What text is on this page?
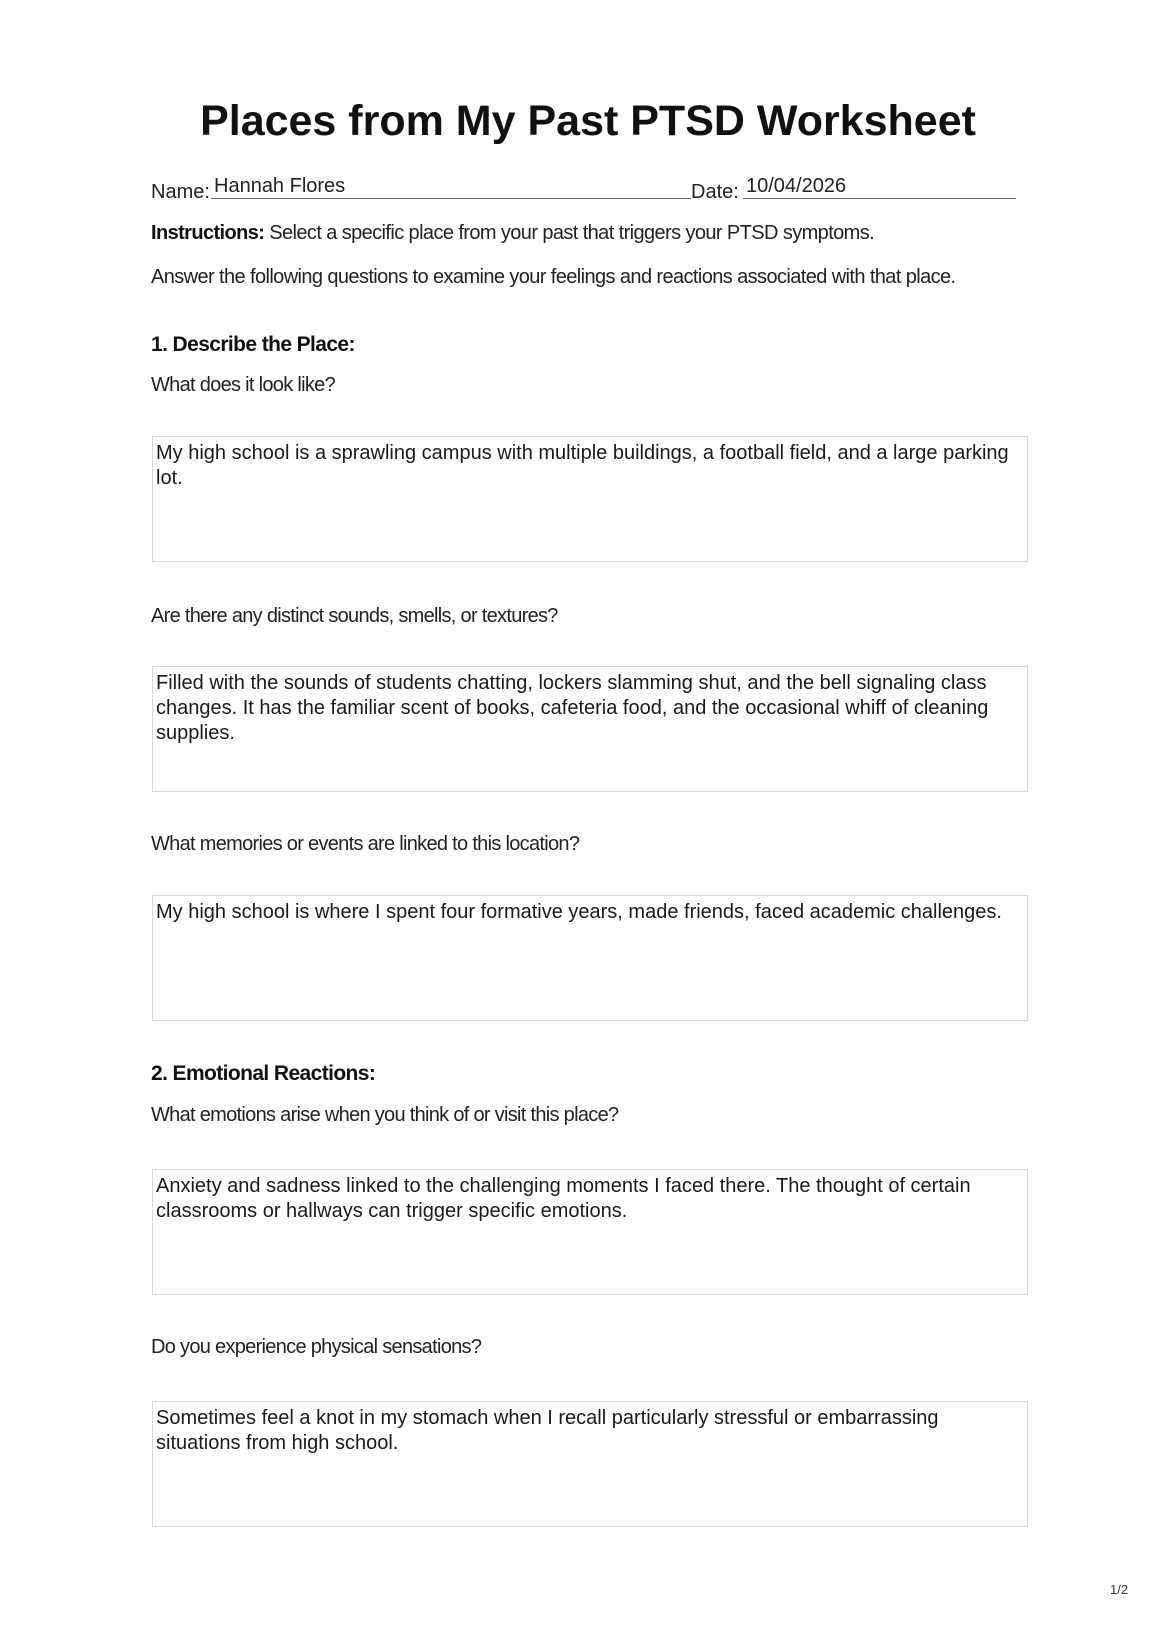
Places from My Past PTSD Worksheet
Name: Hannah Flores	Date: 10/04/2026

Instructions: Select a specific place from your past that triggers your PTSD symptoms.

Answer the following questions to examine your feelings and reactions associated with that place.

1. Describe the Place:

What does it look like?

My high school is a sprawling campus with multiple buildings, a football field, and a large parking lot.

Are there any distinct sounds, smells, or textures?

Filled with the sounds of students chatting, lockers slamming shut, and the bell signaling class changes. It has the familiar scent of books, cafeteria food, and the occasional whiff of cleaning supplies.

What memories or events are linked to this location?

My high school is where I spent four formative years, made friends, faced academic challenges.
2. Emotional Reactions:

What emotions arise when you think of or visit this place?

Anxiety and sadness linked to the challenging moments I faced there. The thought of certain classrooms or hallways can trigger specific emotions.

Do you experience physical sensations?

Sometimes feel a knot in my stomach when I recall particularly stressful or embarrassing situations from high school.
1/2
